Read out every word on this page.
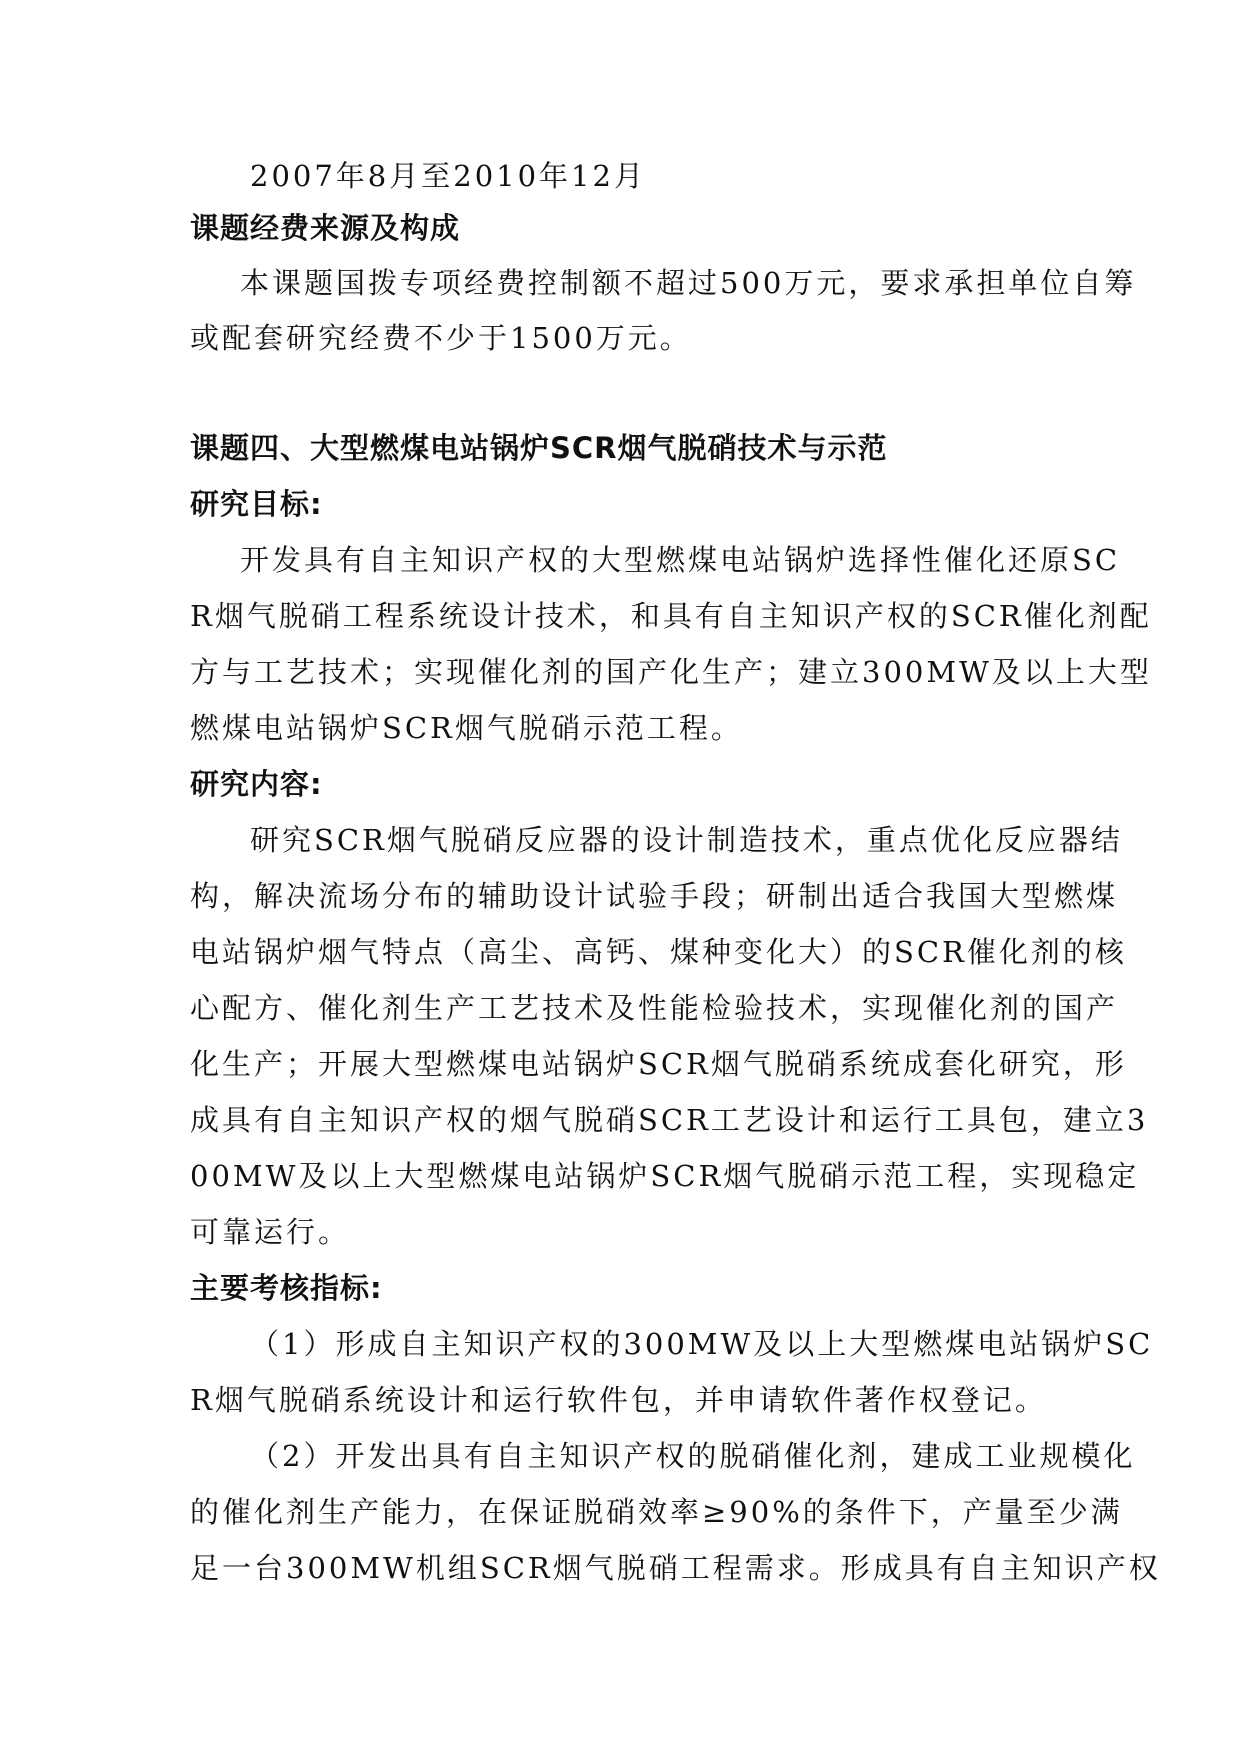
2007年8月至2010年12月
课题经费来源及构成
本课题国拨专项经费控制额不超过500万元，要求承担单位自筹
或配套研究经费不少于1500万元。
课题四、大型燃煤电站锅炉SCR烟气脱硝技术与示范
研究目标:
开发具有自主知识产权的大型燃煤电站锅炉选择性催化还原SC
R烟气脱硝工程系统设计技术，和具有自主知识产权的SCR催化剂配
方与工艺技术；实现催化剂的国产化生产；建立300MW及以上大型
燃煤电站锅炉SCR烟气脱硝示范工程。
研究内容:
研究SCR烟气脱硝反应器的设计制造技术，重点优化反应器结
构，解决流场分布的辅助设计试验手段；研制出适合我国大型燃煤
电站锅炉烟气特点（高尘、高钙、煤种变化大）的SCR催化剂的核
心配方、催化剂生产工艺技术及性能检验技术，实现催化剂的国产
化生产；开展大型燃煤电站锅炉SCR烟气脱硝系统成套化研究，形
成具有自主知识产权的烟气脱硝SCR工艺设计和运行工具包，建立3
00MW及以上大型燃煤电站锅炉SCR烟气脱硝示范工程，实现稳定
可靠运行。
主要考核指标:
（1）形成自主知识产权的300MW及以上大型燃煤电站锅炉SC
R烟气脱硝系统设计和运行软件包，并申请软件著作权登记。
（2）开发出具有自主知识产权的脱硝催化剂，建成工业规模化
的催化剂生产能力，在保证脱硝效率≥90%的条件下，产量至少满
足一台300MW机组SCR烟气脱硝工程需求。形成具有自主知识产权
